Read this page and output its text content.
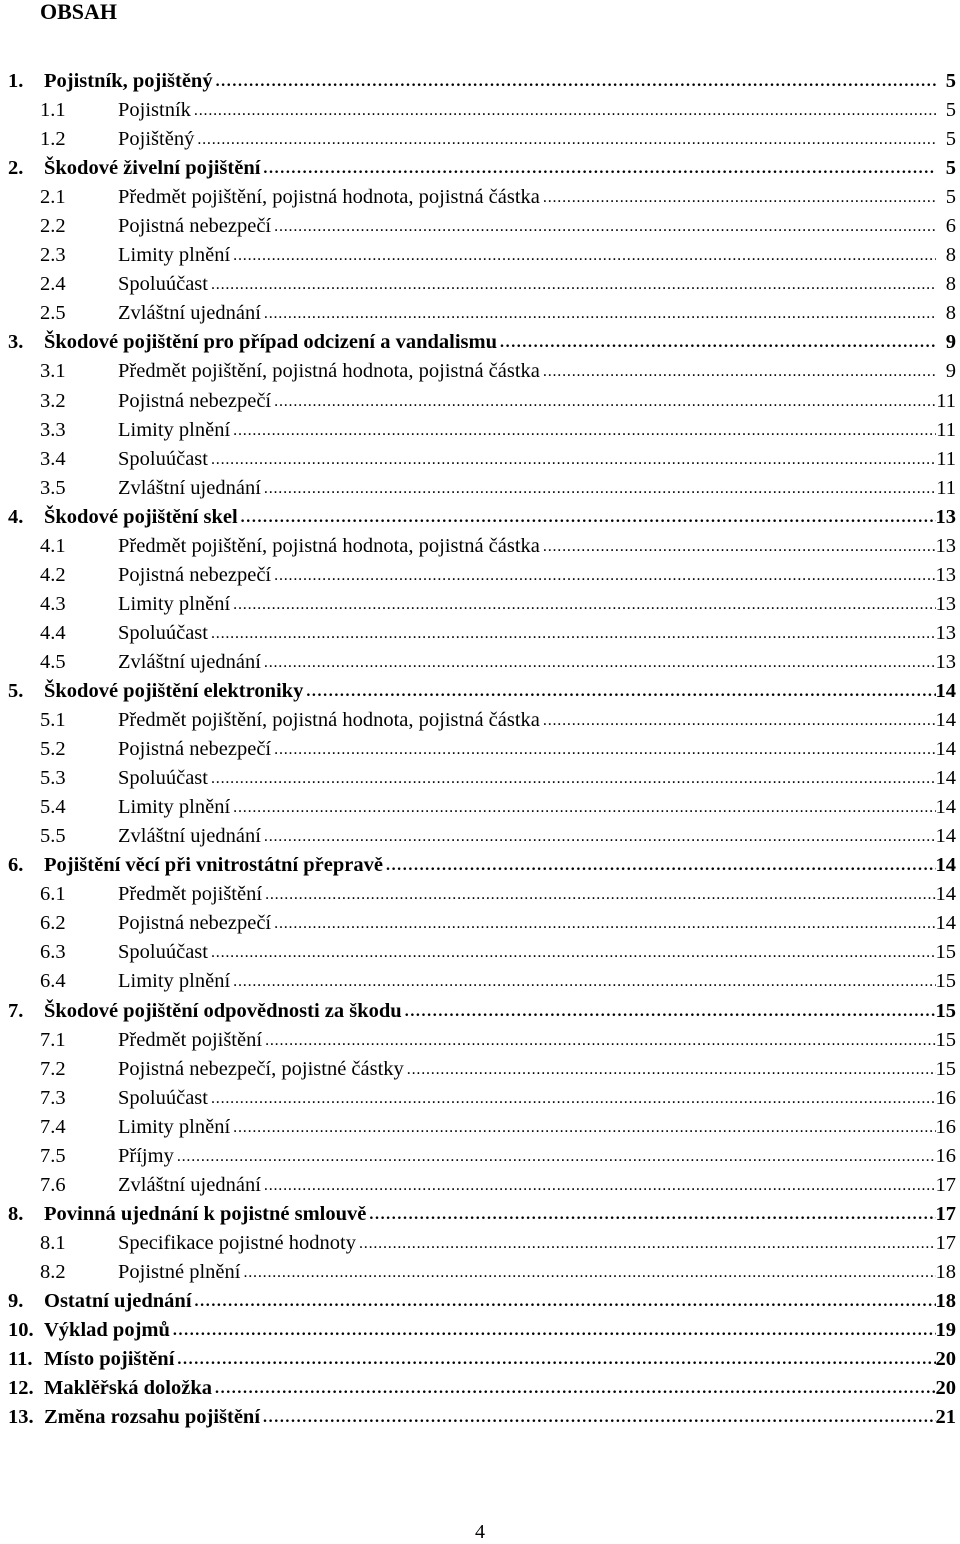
OBSAH
1. Pojistník, pojištěný . . .	5
1.1	Pojistník . . .	5
1.2	Pojištěný . . .	5
2. Škodové živelní pojištění . . .	5
2.1	Předmět pojištění, pojistná hodnota, pojistná částka . . .	5
2.2	Pojistná nebezpečí . . .	6
2.3	Limity plnění . . .	8
2.4	Spoluúčast . . .	8
2.5	Zvláštní ujednání . . .	8
3. Škodové pojištění pro případ odcizení a vandalismu . . .	9
3.1	Předmět pojištění, pojistná hodnota, pojistná částka . . .	9
3.2	Pojistná nebezpečí . . .	11
3.3	Limity plnění . . .	11
3.4	Spoluúčast . . .	11
3.5	Zvláštní ujednání . . .	11
4. Škodové pojištění skel . . .	13
4.1	Předmět pojištění, pojistná hodnota, pojistná částka . . .	13
4.2	Pojistná nebezpečí . . .	13
4.3	Limity plnění . . .	13
4.4	Spoluúčast . . .	13
4.5	Zvláštní ujednání . . .	13
5. Škodové pojištění elektroniky . . .	14
5.1	Předmět pojištění, pojistná hodnota, pojistná částka . . .	14
5.2	Pojistná nebezpečí . . .	14
5.3	Spoluúčast . . .	14
5.4	Limity plnění . . .	14
5.5	Zvláštní ujednání . . .	14
6. Pojištění věcí při vnitrostátní přepravě . . .	14
6.1	Předmět pojištění . . .	14
6.2	Pojistná nebezpečí . . .	14
6.3	Spoluúčast . . .	15
6.4	Limity plnění . . .	15
7. Škodové pojištění odpovědnosti za škodu . . .	15
7.1	Předmět pojištění . . .	15
7.2	Pojistná nebezpečí, pojistné částky . . .	15
7.3	Spoluúčast . . .	16
7.4	Limity plnění . . .	16
7.5	Příjmy . . .	16
7.6	Zvláštní ujednání . . .	17
8. Povinná ujednání k pojistné smlouvě . . .	17
8.1	Specifikace pojistné hodnoty . . .	17
8.2	Pojistné plnění . . .	18
9. Ostatní ujednání . . .	18
10. Výklad pojmů . . .	19
11. Místo pojištění . . .	20
12. Maklěřská doložka . . .	20
13. Změna rozsahu pojištění . . .	21
4
